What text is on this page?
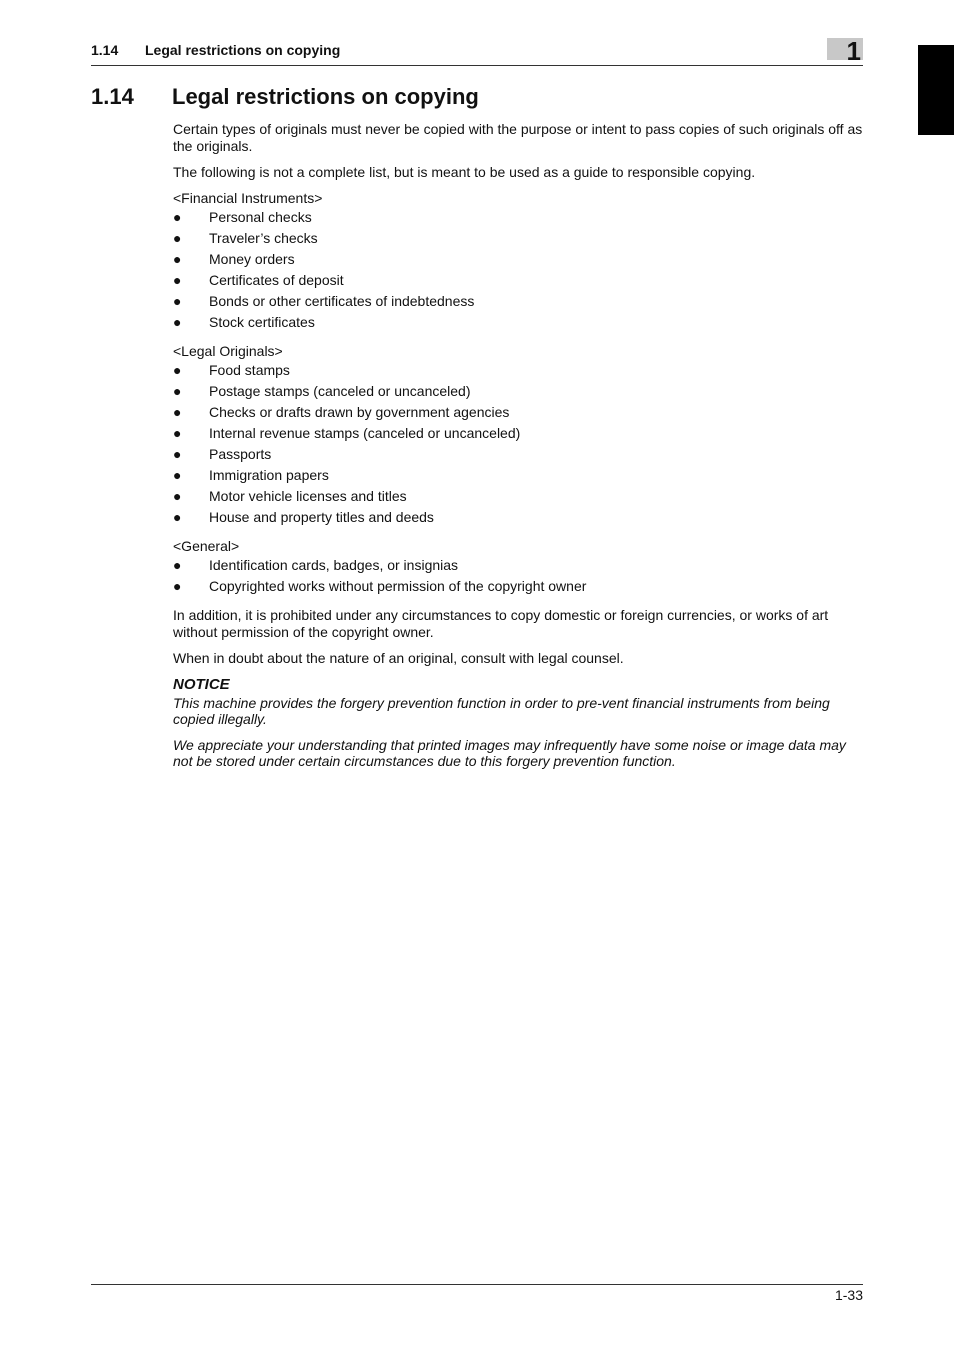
1.14 Legal restrictions on copying	1
1.14 Legal restrictions on copying

Certain types of originals must never be copied with the purpose or intent to pass copies of such originals off as the originals.

The following is not a complete list, but is meant to be used as a guide to responsible copying.

<Financial Instruments>
● Personal checks
● Traveler’s checks
● Money orders
● Certificates of deposit
● Bonds or other certificates of indebtedness
● Stock certificates
<Legal Originals>
● Food stamps
● Postage stamps (canceled or uncanceled)
● Checks or drafts drawn by government agencies
● Internal revenue stamps (canceled or uncanceled)
● Passports
● Immigration papers
● Motor vehicle licenses and titles
● House and property titles and deeds
<General>
● Identification cards, badges, or insignias
● Copyrighted works without permission of the copyright owner

In addition, it is prohibited under any circumstances to copy domestic or foreign currencies, or works of art without permission of the copyright owner.

When in doubt about the nature of an original, consult with legal counsel.

NOTICE

This machine provides the forgery prevention function in order to pre-vent financial instruments from being copied illegally.

We appreciate your understanding that printed images may infrequently have some noise or image data may not be stored under certain circumstances due to this forgery prevention function.

1-33
